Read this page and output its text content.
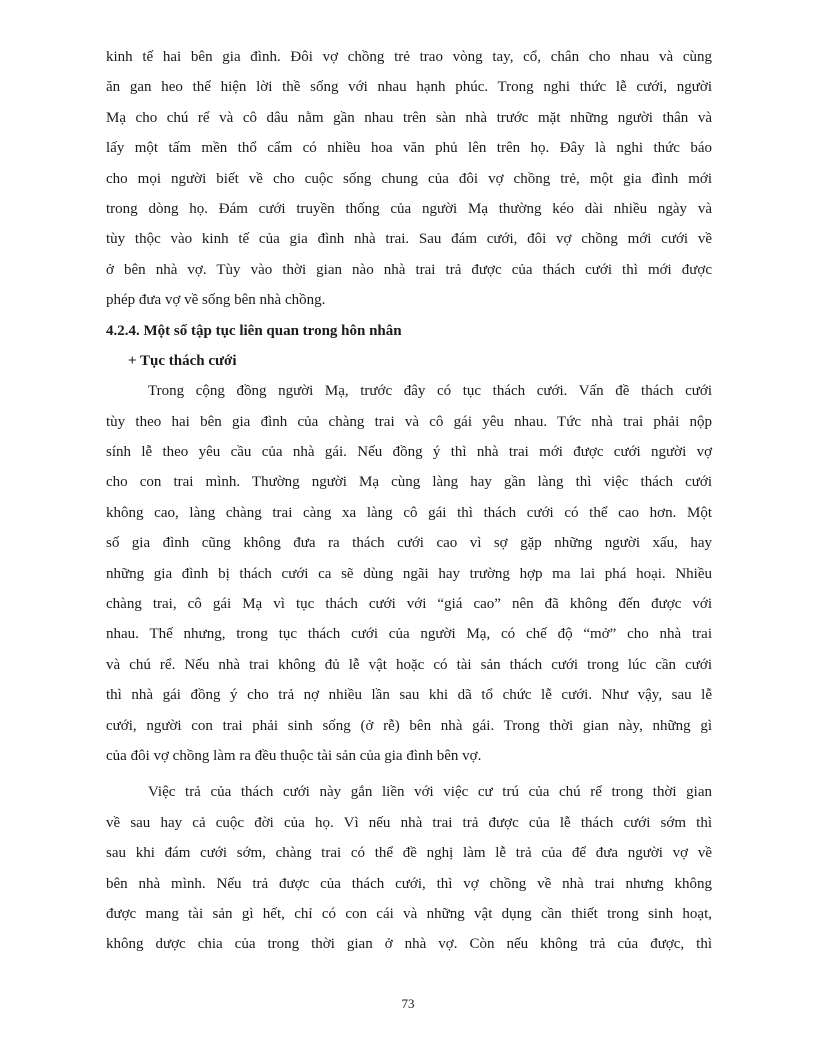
kinh tế hai bên gia đình. Đôi vợ chồng trẻ trao vòng tay, cổ, chân cho nhau và cùng
ăn gan heo thể hiện lời thề sống với nhau hạnh phúc. Trong nghi thức lễ cưới, người
Mạ cho chú rể và cô dâu nằm gần nhau trên sàn nhà trước mặt những người thân và
lấy một tấm mền thổ cẩm có nhiều hoa văn phủ lên trên họ. Đây là nghi thức báo
cho mọi người biết về cho cuộc sống chung của đôi vợ chồng trẻ, một gia đình mới
trong dòng họ. Đám cưới truyền thống của người Mạ thường kéo dài nhiều ngày và
tùy thộc vào kinh tế của gia đình nhà trai. Sau đám cưới, đôi vợ chồng mới cưới về
ở bên nhà vợ. Tùy vào thời gian nào nhà trai trả được của thách cưới thì mới được
phép đưa vợ về sống bên nhà chồng.
4.2.4. Một số tập tục liên quan trong hôn nhân
+ Tục thách cưới
Trong cộng đồng người Mạ, trước đây có tục thách cưới. Vấn đề thách cưới
tùy theo hai bên gia đình của chàng trai và cô gái yêu nhau. Tức nhà trai phải nộp
sính lễ theo yêu cầu của nhà gái. Nếu đồng ý thì nhà trai mới được cưới người vợ
cho con trai mình. Thường người Mạ cùng làng hay gần làng thì việc thách cưới
không cao, làng chàng trai càng xa làng cô gái thì thách cưới có thể cao hơn. Một
số gia đình cũng không đưa ra thách cưới cao vì sợ gặp những người xấu, hay
những gia đình bị thách cưới ca sẽ dùng ngãi hay trường hợp ma lai phá hoại. Nhiều
chàng trai, cô gái Mạ vì tục thách cưới với “giá cao” nên đã không đến được với
nhau. Thế nhưng, trong tục thách cưới của người Mạ, có chế độ “mở” cho nhà trai
và chú rể. Nếu nhà trai không đủ lễ vật hoặc có tài sản thách cưới trong lúc cần cưới
thì nhà gái đồng ý cho trả nợ nhiều lần sau khi dã tổ chức lễ cưới. Như vậy, sau lễ
cưới, người con trai phải sinh sống (ở rễ) bên nhà gái. Trong thời gian này, những gì
của đôi vợ chồng làm ra đều thuộc tài sản của gia đình bên vợ.
Việc trả của thách cưới này gắn liền với việc cư trú của chú rể trong thời gian
về sau hay cả cuộc đời của họ. Vì nếu nhà trai trả được của lễ thách cưới sớm thì
sau khi đám cưới sớm, chàng trai có thể đề nghị làm lễ trả của để đưa người vợ về
bên nhà mình. Nếu trả được của thách cưới, thì vợ chồng về nhà trai nhưng không
được mang tài sản gì hết, chỉ có con cái và những vật dụng cần thiết trong sinh hoạt,
không dược chia của trong thời gian ở nhà vợ. Còn nếu không trả của được, thì
73
